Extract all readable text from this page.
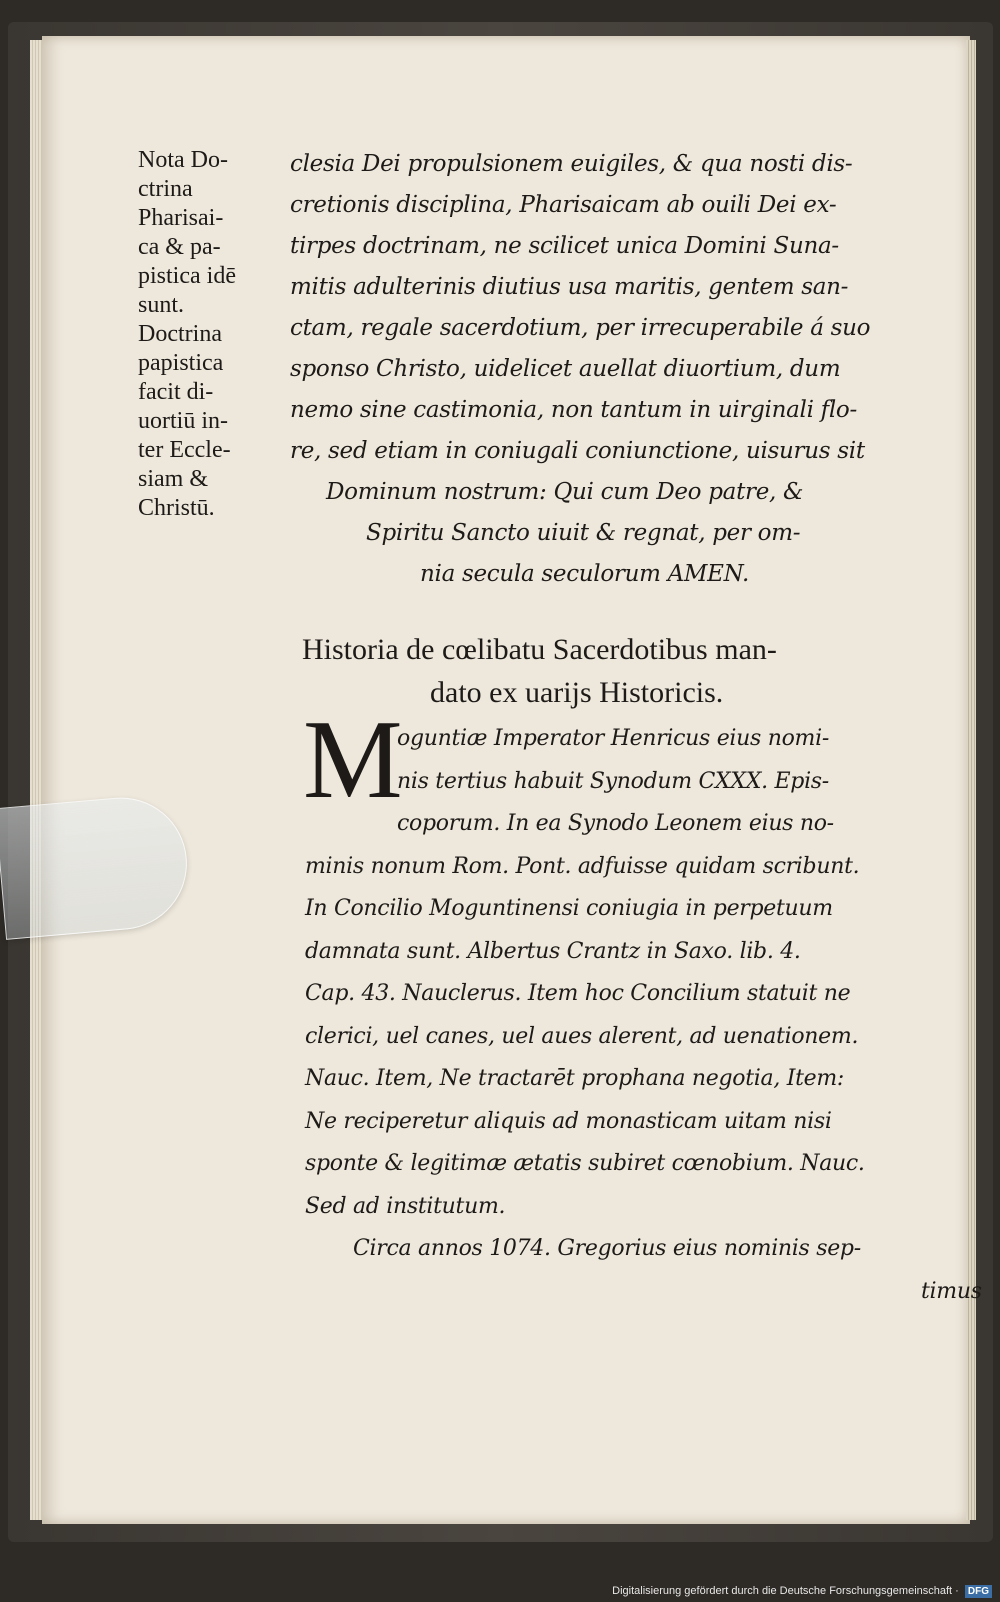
Nota Do-
ctrina
Pharisai-
ca & pa-
pistica idē
sunt.
Doctrina
papistica
facit di-
uortiū in-
ter Eccle-
siam &
Christū.
clesia Dei propulsionem euigiles, & qua nosti dis-
cretionis disciplina, Pharisaicam ab ouili Dei ex-
tirpes doctrinam, ne scilicet unica Domini Suna-
mitis adulterinis diutius usa maritis, gentem san-
ctam, regale sacerdotium, per irrecuperabile á suo
sponso Christo, uidelicet auellat diuortium, dum
nemo sine castimonia, non tantum in uirginali flo-
re, sed etiam in coniugali coniunctione, uisurus sit
Dominum nostrum: Qui cum Deo patre, &
Spiritu Sancto uiuit & regnat, per om-
nia secula seculorum AMEN.
Historia de cœlibatu Sacerdotibus man-
dato ex uarijs Historicis.
M
oguntiæ Imperator Henricus eius nomi-
nis tertius habuit Synodum CXXX. Epis-
coporum. In ea Synodo Leonem eius no-
minis nonum Rom. Pont. adfuisse quidam scribunt.
In Concilio Moguntinensi coniugia in perpetuum
damnata sunt. Albertus Crantz in Saxo. lib. 4.
Cap. 43. Nauclerus. Item hoc Concilium statuit ne
clerici, uel canes, uel aues alerent, ad uenationem.
Nauc. Item, Ne tractarēt prophana negotia, Item:
Ne reciperetur aliquis ad monasticam uitam nisi
sponte & legitimæ ætatis subiret cœnobium. Nauc.
Sed ad institutum.
Circa annos 1074. Gregorius eius nominis sep-
timus
Digitalisierung gefördert durch die Deutsche Forschungsgemeinschaft · DFG
